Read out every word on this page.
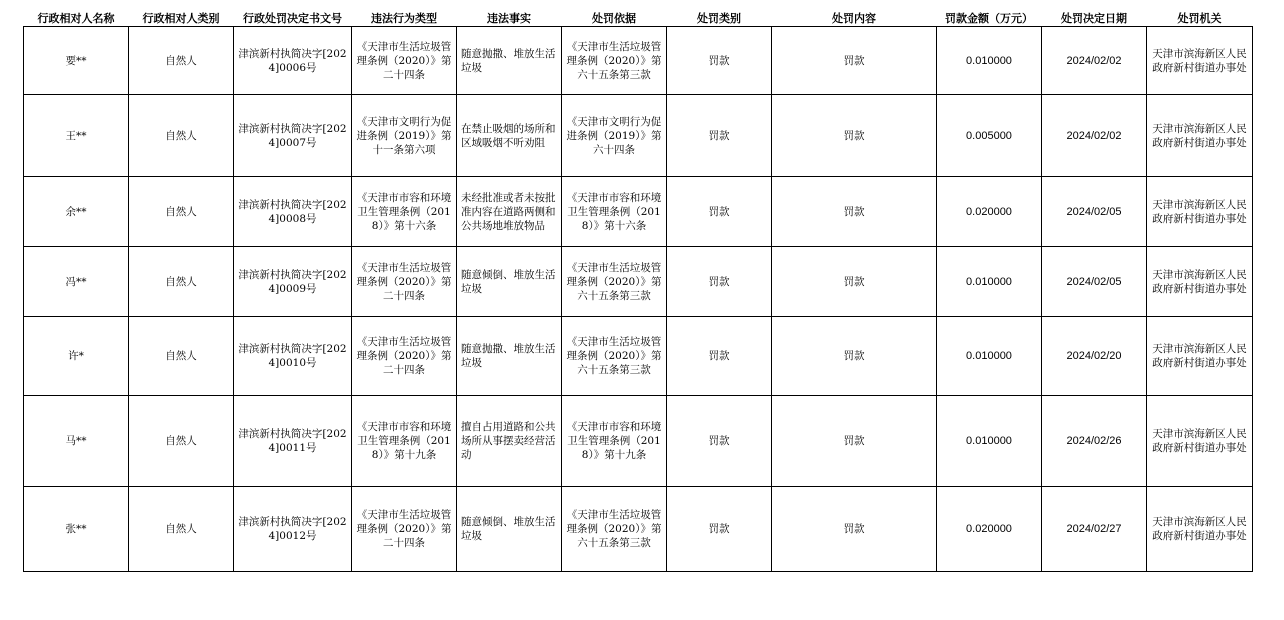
行政相对人名称	行政相对人类别	行政处罚决定书文号	违法行为类型	违法事实	处罚依据	处罚类别	处罚内容	罚款金额（万元）	处罚决定日期	处罚机关
要**	自然人	津滨新村执简决字[2024]0006号	《天津市生活垃圾管理条例（2020）》第二十四条	随意抛撒、堆放生活垃圾	《天津市生活垃圾管理条例（2020）》第六十五条第三款	罚款	罚款	0.010000	2024/02/02	天津市滨海新区人民政府新村街道办事处
王**	自然人	津滨新村执简决字[2024]0007号	《天津市文明行为促进条例（2019）》第十一条第六项	在禁止吸烟的场所和区域吸烟不听劝阻	《天津市文明行为促进条例（2019）》第六十四条	罚款	罚款	0.005000	2024/02/02	天津市滨海新区人民政府新村街道办事处
余**	自然人	津滨新村执简决字[2024]0008号	《天津市市容和环境卫生管理条例（2018）》第十六条	未经批准或者未按批准内容在道路两侧和公共场地堆放物品	《天津市市容和环境卫生管理条例（2018）》第十六条	罚款	罚款	0.020000	2024/02/05	天津市滨海新区人民政府新村街道办事处
冯**	自然人	津滨新村执简决字[2024]0009号	《天津市生活垃圾管理条例（2020）》第二十四条	随意倾倒、堆放生活垃圾	《天津市生活垃圾管理条例（2020）》第六十五条第三款	罚款	罚款	0.010000	2024/02/05	天津市滨海新区人民政府新村街道办事处
许*	自然人	津滨新村执简决字[2024]0010号	《天津市生活垃圾管理条例（2020）》第二十四条	随意抛撒、堆放生活垃圾	《天津市生活垃圾管理条例（2020）》第六十五条第三款	罚款	罚款	0.010000	2024/02/20	天津市滨海新区人民政府新村街道办事处
马**	自然人	津滨新村执简决字[2024]0011号	《天津市市容和环境卫生管理条例（2018）》第十九条	擅自占用道路和公共场所从事摆卖经营活动	《天津市市容和环境卫生管理条例（2018）》第十九条	罚款	罚款	0.010000	2024/02/26	天津市滨海新区人民政府新村街道办事处
张**	自然人	津滨新村执简决字[2024]0012号	《天津市生活垃圾管理条例（2020）》第二十四条	随意倾倒、堆放生活垃圾	《天津市生活垃圾管理条例（2020）》第六十五条第三款	罚款	罚款	0.020000	2024/02/27	天津市滨海新区人民政府新村街道办事处
